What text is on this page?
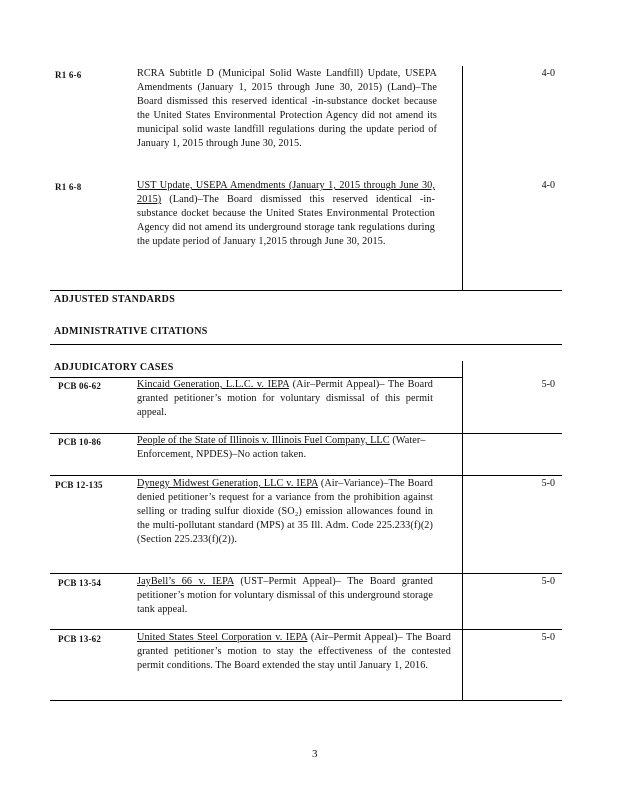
R1 6-6	RCRA Subtitle D (Municipal Solid Waste Landfill) Update, USEPA Amendments (January 1, 2015 through June 30, 2015) (Land)–The Board dismissed this reserved identical -in-substance docket because the United States Environmental Protection Agency did not amend its municipal solid waste landfill regulations during the update period of January 1, 2015 through June 30, 2015.
4-0
R1 6-8	UST Update, USEPA Amendments (January 1, 2015 through June 30, 2015) (Land)–The Board dismissed this reserved identical -in-substance docket because the United States Environmental Protection Agency did not amend its underground storage tank regulations during the update period of January 1,2015 through June 30, 2015.
4-0
ADJUSTED STANDARDS
ADMINISTRATIVE CITATIONS
ADJUDICATORY CASES
PCB 06-62	Kincaid Generation, L.L.C. v. IEPA (Air–Permit Appeal)– The Board granted petitioner’s motion for voluntary dismissal of this permit appeal.
5-0
PCB 10-86	People of the State of Illinois v. Illinois Fuel Company, LLC (Water–Enforcement, NPDES)–No action taken.
PCB 12-135	Dynegy Midwest Generation, LLC v. IEPA (Air–Variance)–The Board denied petitioner’s request for a variance from the prohibition against selling or trading sulfur dioxide (SO₂) emission allowances found in the multi-pollutant standard (MPS) at 35 Ill. Adm. Code 225.233(f)(2) (Section 225.233(f)(2)).
5-0
PCB 13-54	JayBell’s 66 v. IEPA (UST–Permit Appeal)– The Board granted petitioner’s motion for voluntary dismissal of this underground storage tank appeal.
5-0
PCB 13-62	United States Steel Corporation v. IEPA (Air–Permit Appeal)– The Board granted petitioner’s motion to stay the effectiveness of the contested permit conditions. The Board extended the stay until January 1, 2016.
5-0
3
